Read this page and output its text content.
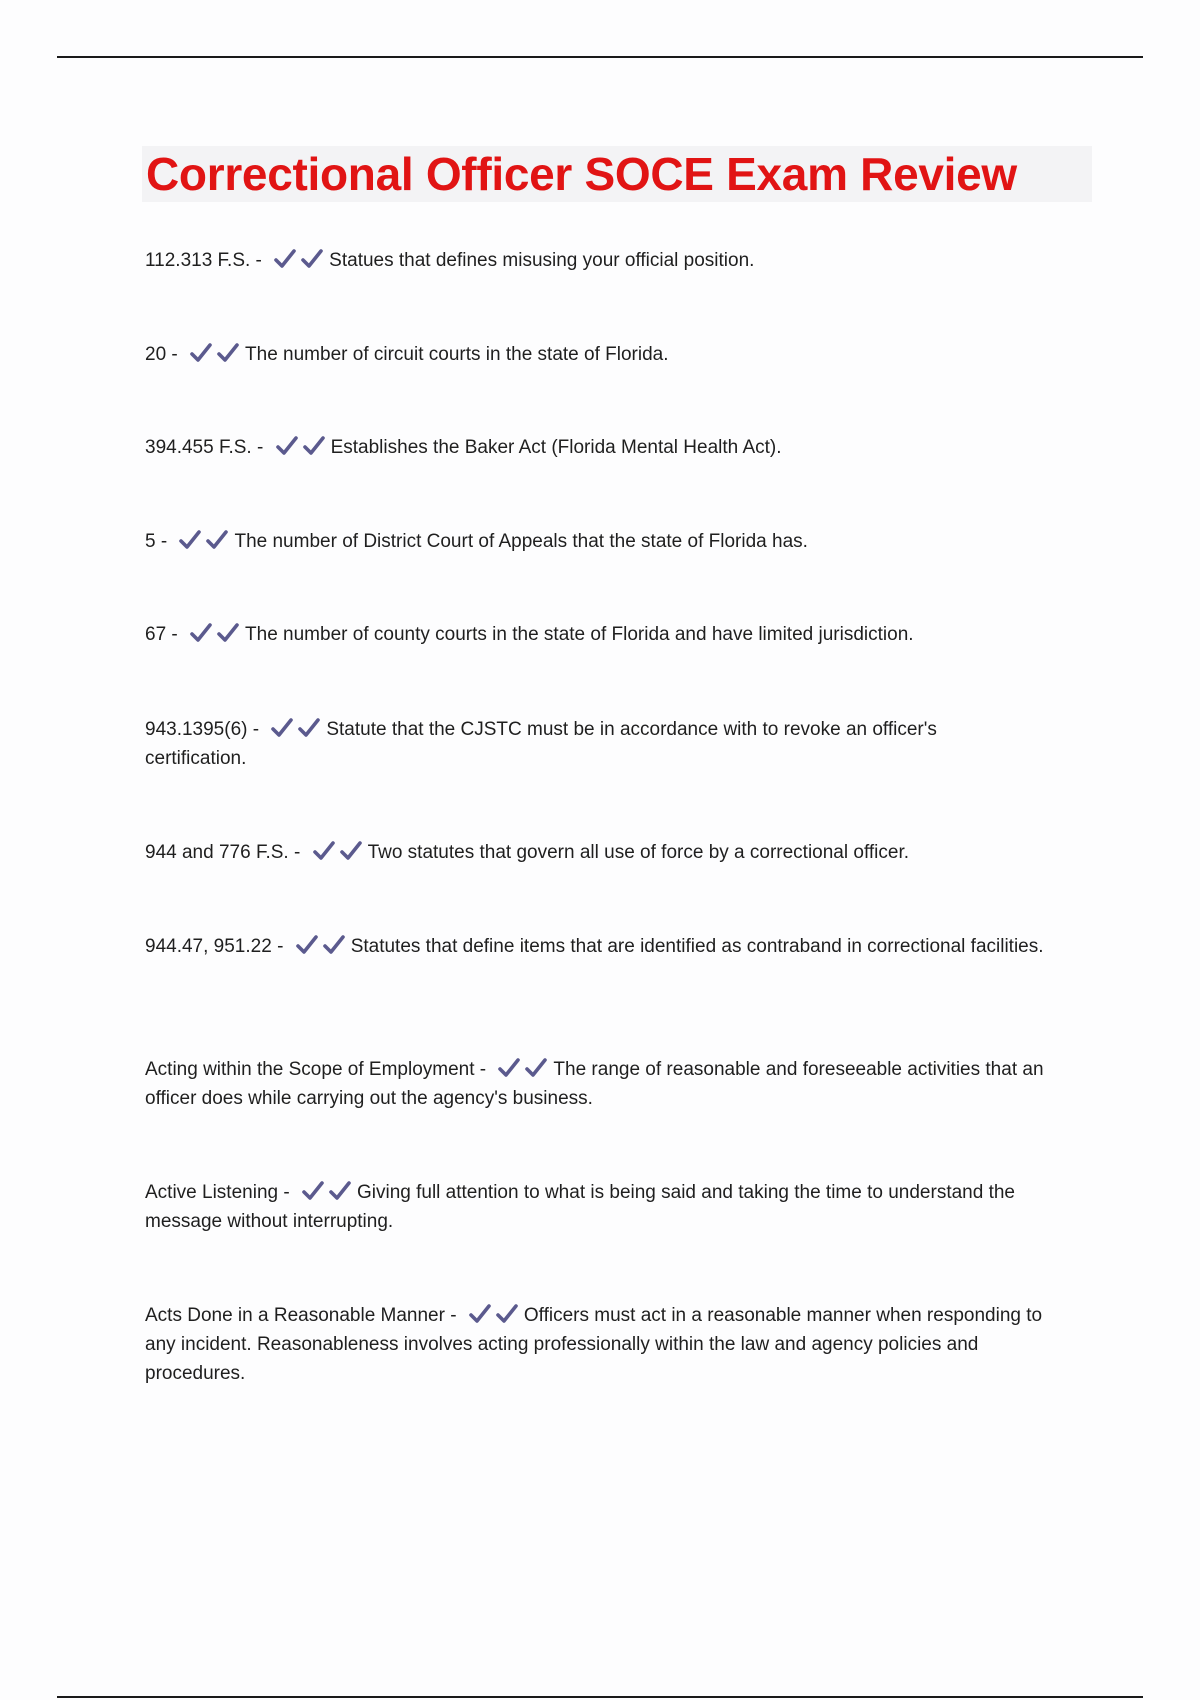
Correctional Officer SOCE Exam Review

112.313 F.S. -	Statues that defines misusing your official position.

20 -	The number of circuit courts in the state of Florida.

394.455 F.S. -	Establishes the Baker Act (Florida Mental Health Act).

5 -	The number of District Court of Appeals that the state of Florida has.

67 -	The number of county courts in the state of Florida and have limited jurisdiction.

943.1395(6) -	Statute that the CJSTC must be in accordance with to revoke an officer's certification.

944 and 776 F.S. -	Two statutes that govern all use of force by a correctional officer.

944.47, 951.22 -	Statutes that define items that are identified as contraband in correctional facilities.

Acting within the Scope of Employment -	The range of reasonable and foreseeable activities that an officer does while carrying out the agency's business.

Active Listening -	Giving full attention to what is being said and taking the time to understand the message without interrupting.

Acts Done in a Reasonable Manner -	Officers must act in a reasonable manner when responding to any incident. Reasonableness involves acting professionally within the law and agency policies and procedures.
